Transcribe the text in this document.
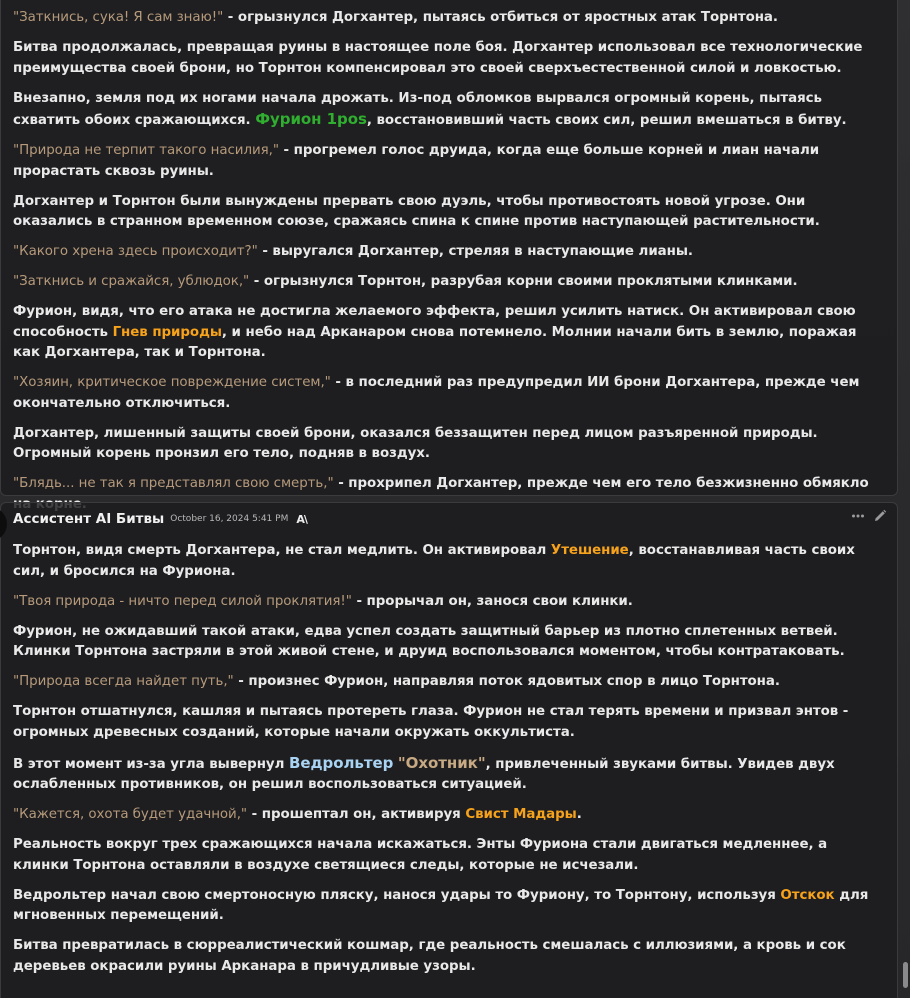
"Заткнись, сука! Я сам знаю!" - огрызнулся Догхантер, пытаясь отбиться от яростных атак Торнтона.
Битва продолжалась, превращая руины в настоящее поле боя. Догхантер использовал все технологические преимущества своей брони, но Торнтон компенсировал это своей сверхъестественной силой и ловкостью.
Внезапно, земля под их ногами начала дрожать. Из-под обломков вырвался огромный корень, пытаясь схватить обоих сражающихся. Фурион 1pos, восстановивший часть своих сил, решил вмешаться в битву.
"Природа не терпит такого насилия," - прогремел голос друида, когда еще больше корней и лиан начали прорастать сквозь руины.
Догхантер и Торнтон были вынуждены прервать свою дуэль, чтобы противостоять новой угрозе. Они оказались в странном временном союзе, сражаясь спина к спине против наступающей растительности.
"Какого хрена здесь происходит?" - выругался Догхантер, стреляя в наступающие лианы.
"Заткнись и сражайся, ублюдок," - огрызнулся Торнтон, разрубая корни своими проклятыми клинками.
Фурион, видя, что его атака не достигла желаемого эффекта, решил усилить натиск. Он активировал свою способность Гнев природы, и небо над Арканаром снова потемнело. Молнии начали бить в землю, поражая как Догхантера, так и Торнтона.
"Хозяин, критическое повреждение систем," - в последний раз предупредил ИИ брони Догхантера, прежде чем окончательно отключиться.
Догхантер, лишенный защиты своей брони, оказался беззащитен перед лицом разъяренной природы. Огромный корень пронзил его тело, подняв в воздух.
"Блядь... не так я представлял свою смерть," - прохрипел Догхантер, прежде чем его тело безжизненно обмякло
Ассистент AI Битвы October 16, 2024 5:41 PM A\
Торнтон, видя смерть Догхантера, не стал медлить. Он активировал Утешение, восстанавливая часть своих сил, и бросился на Фуриона.
"Твоя природа - ничто перед силой проклятия!" - прорычал он, занося свои клинки.
Фурион, не ожидавший такой атаки, едва успел создать защитный барьер из плотно сплетенных ветвей. Клинки Торнтона застряли в этой живой стене, и друид воспользовался моментом, чтобы контратаковать.
"Природа всегда найдет путь," - произнес Фурион, направляя поток ядовитых спор в лицо Торнтона.
Торнтон отшатнулся, кашляя и пытаясь протереть глаза. Фурион не стал терять времени и призвал энтов - огромных древесных созданий, которые начали окружать оккультиста.
В этот момент из-за угла вывернул Ведрольтер "Охотник", привлеченный звуками битвы. Увидев двух ослабленных противников, он решил воспользоваться ситуацией.
"Кажется, охота будет удачной," - прошептал он, активируя Свист Мадары.
Реальность вокруг трех сражающихся начала искажаться. Энты Фуриона стали двигаться медленнее, а клинки Торнтона оставляли в воздухе светящиеся следы, которые не исчезали.
Ведрольтер начал свою смертоносную пляску, нанося удары то Фуриону, то Торнтону, используя Отскок для мгновенных перемещений.
Битва превратилась в сюрреалистический кошмар, где реальность смешалась с иллюзиями, а кровь и сок деревьев окрасили руины Арканара в причудливые узоры.
